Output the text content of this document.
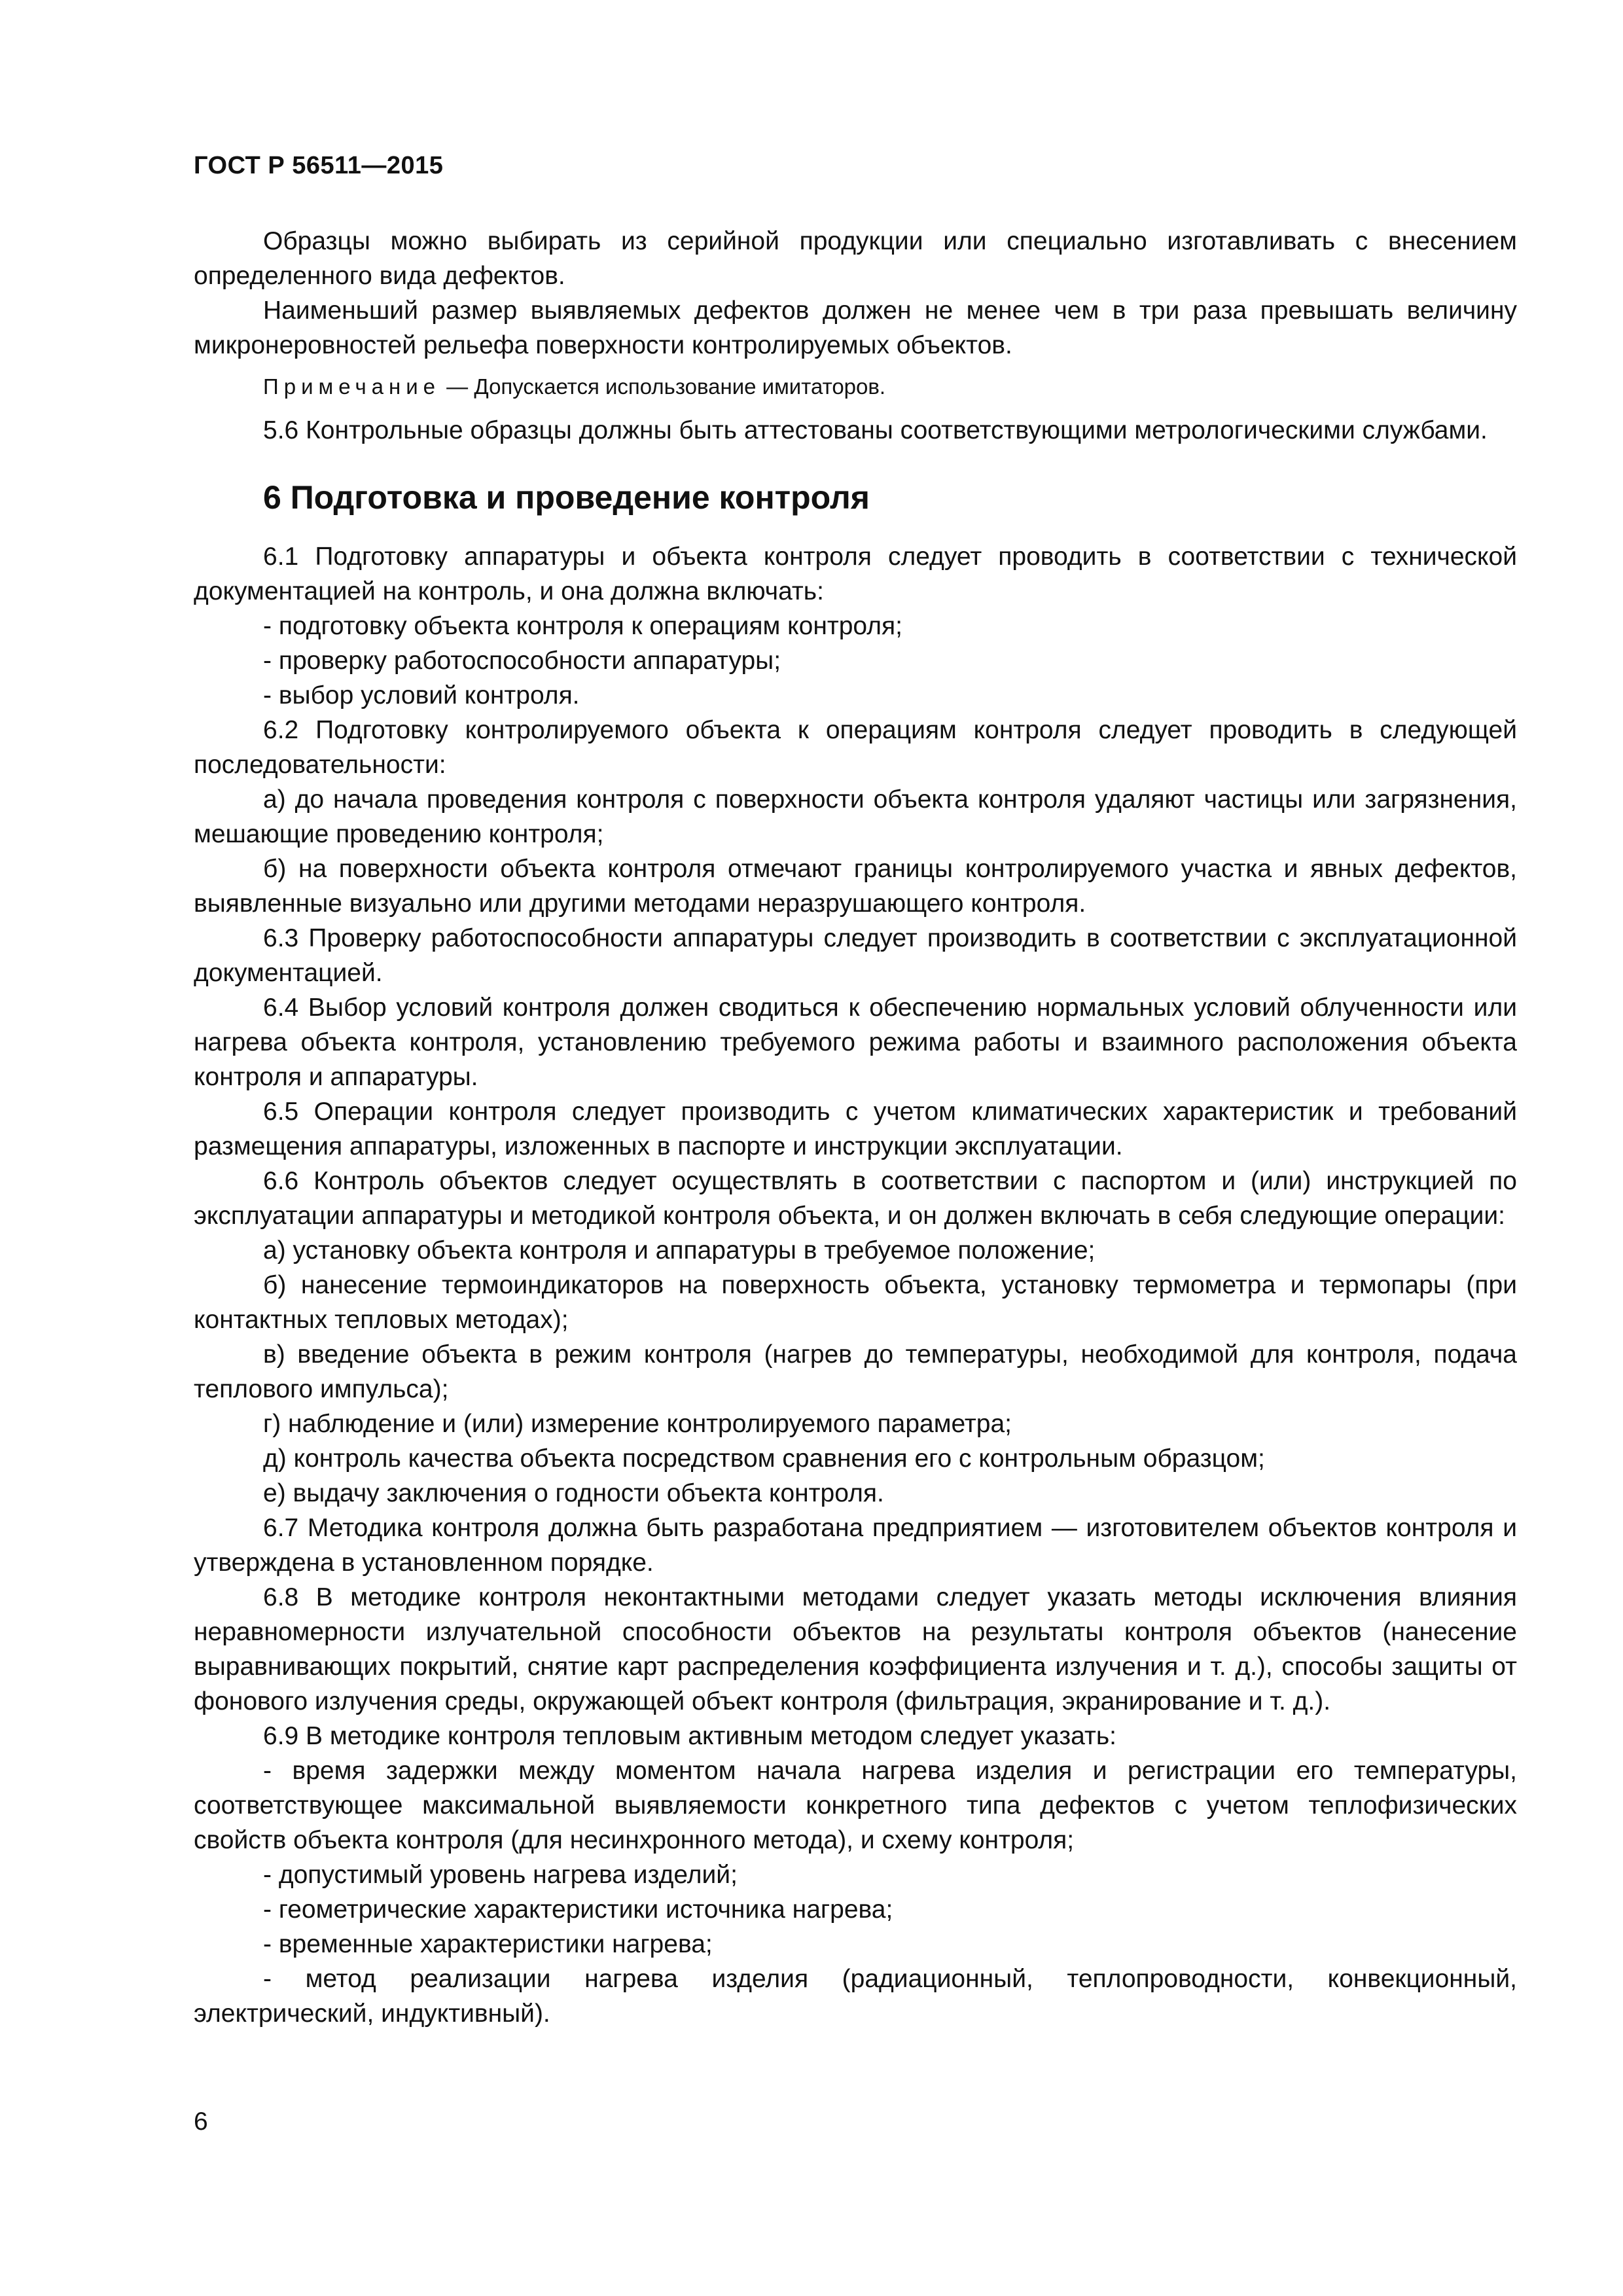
ГОСТ Р 56511—2015

Образцы можно выбирать из серийной продукции или специально изготавливать с внесением определенного вида дефектов.

Наименьший размер выявляемых дефектов должен не менее чем в три раза превышать величину микронеровностей рельефа поверхности контролируемых объектов.

Примечание — Допускается использование имитаторов.

5.6 Контрольные образцы должны быть аттестованы соответствующими метрологическими службами.

6 Подготовка и проведение контроля

6.1 Подготовку аппаратуры и объекта контроля следует проводить в соответствии с технической документацией на контроль, и она должна включать:

- подготовку объекта контроля к операциям контроля;

- проверку работоспособности аппаратуры;

- выбор условий контроля.

6.2 Подготовку контролируемого объекта к операциям контроля следует проводить в следующей последовательности:

а) до начала проведения контроля с поверхности объекта контроля удаляют частицы или загрязнения, мешающие проведению контроля;

б) на поверхности объекта контроля отмечают границы контролируемого участка и явных дефектов, выявленные визуально или другими методами неразрушающего контроля.

6.3 Проверку работоспособности аппаратуры следует производить в соответствии с эксплуатационной документацией.

6.4 Выбор условий контроля должен сводиться к обеспечению нормальных условий облученности или нагрева объекта контроля, установлению требуемого режима работы и взаимного расположения объекта контроля и аппаратуры.

6.5 Операции контроля следует производить с учетом климатических характеристик и требований размещения аппаратуры, изложенных в паспорте и инструкции эксплуатации.

6.6 Контроль объектов следует осуществлять в соответствии с паспортом и (или) инструкцией по эксплуатации аппаратуры и методикой контроля объекта, и он должен включать в себя следующие операции:

а) установку объекта контроля и аппаратуры в требуемое положение;

б) нанесение термоиндикаторов на поверхность объекта, установку термометра и термопары (при контактных тепловых методах);

в) введение объекта в режим контроля (нагрев до температуры, необходимой для контроля, подача теплового импульса);

г) наблюдение и (или) измерение контролируемого параметра;

д) контроль качества объекта посредством сравнения его с контрольным образцом;

е) выдачу заключения о годности объекта контроля.

6.7 Методика контроля должна быть разработана предприятием — изготовителем объектов контроля и утверждена в установленном порядке.

6.8 В методике контроля неконтактными методами следует указать методы исключения влияния неравномерности излучательной способности объектов на результаты контроля объектов (нанесение выравнивающих покрытий, снятие карт распределения коэффициента излучения и т. д.), способы защиты от фонового излучения среды, окружающей объект контроля (фильтрация, экранирование и т. д.).

6.9 В методике контроля тепловым активным методом следует указать:

- время задержки между моментом начала нагрева изделия и регистрации его температуры, соответствующее максимальной выявляемости конкретного типа дефектов с учетом теплофизических свойств объекта контроля (для несинхронного метода), и схему контроля;

- допустимый уровень нагрева изделий;

- геометрические характеристики источника нагрева;

- временные характеристики нагрева;

- метод реализации нагрева изделия (радиационный, теплопроводности, конвекционный, электрический, индуктивный).

6
